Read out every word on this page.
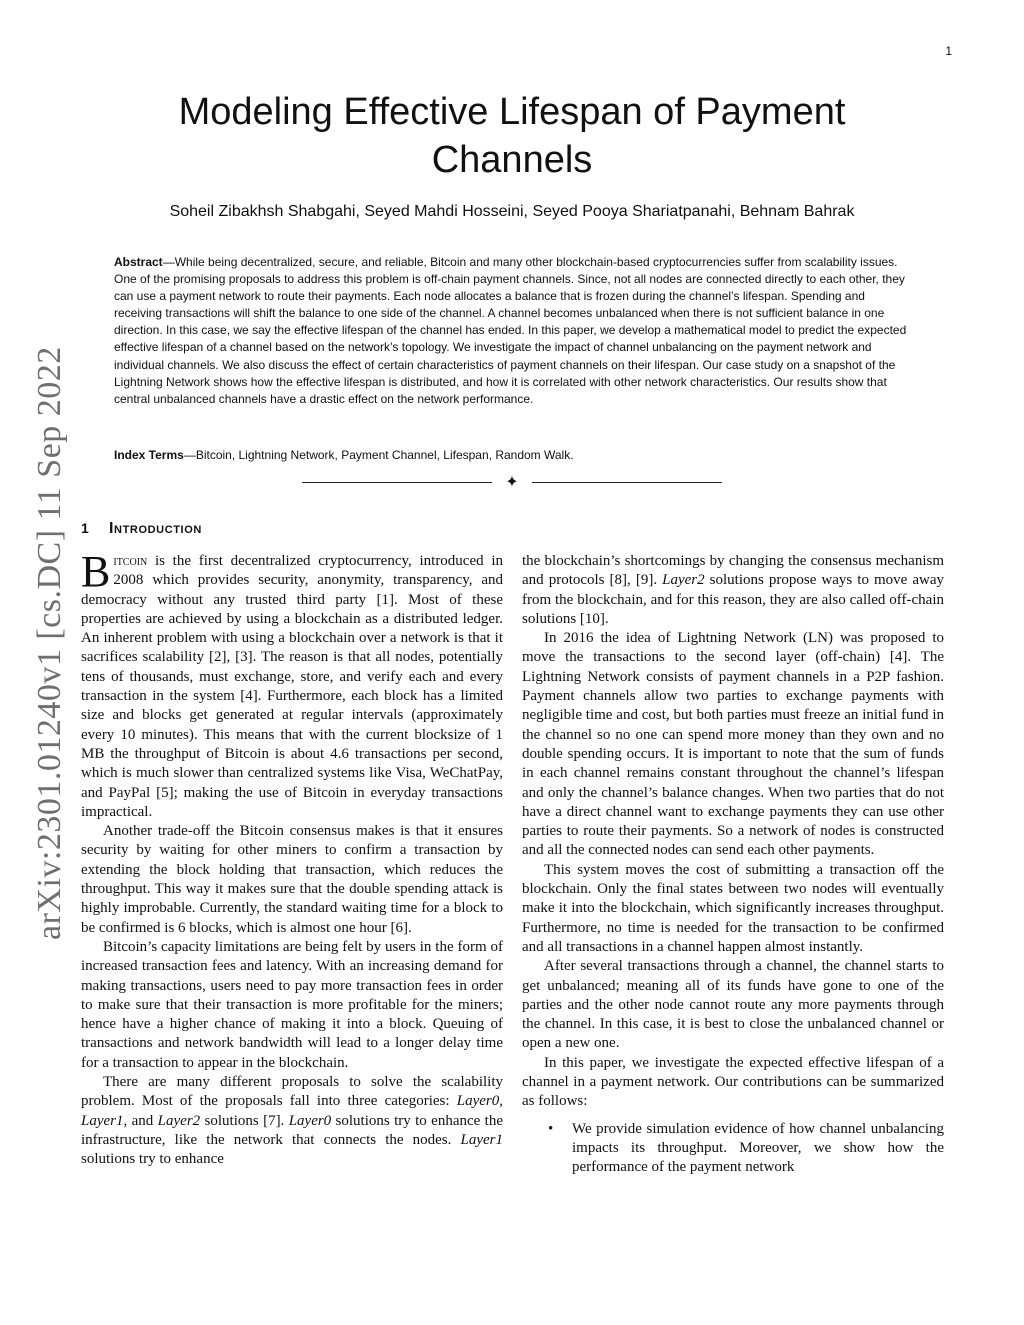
1
Modeling Effective Lifespan of Payment Channels
Soheil Zibakhsh Shabgahi, Seyed Mahdi Hosseini, Seyed Pooya Shariatpanahi, Behnam Bahrak

Abstract—While being decentralized, secure, and reliable, Bitcoin and many other blockchain-based cryptocurrencies suffer from scalability issues. One of the promising proposals to address this problem is off-chain payment channels. Since, not all nodes are connected directly to each other, they can use a payment network to route their payments. Each node allocates a balance that is frozen during the channel’s lifespan. Spending and receiving transactions will shift the balance to one side of the channel. A channel becomes unbalanced when there is not sufficient balance in one direction. In this case, we say the effective lifespan of the channel has ended. In this paper, we develop a mathematical model to predict the expected effective lifespan of a channel based on the network’s topology. We investigate the impact of channel unbalancing on the payment network and individual channels. We also discuss the effect of certain characteristics of payment channels on their lifespan. Our case study on a snapshot of the Lightning Network shows how the effective lifespan is distributed, and how it is correlated with other network characteristics. Our results show that central unbalanced channels have a drastic effect on the network performance.

Index Terms—Bitcoin, Lightning Network, Payment Channel, Lifespan, Random Walk.

✦
arXiv:2301.01240v1 [cs.DC] 11 Sep 2022 1 Introduction

Bitcoin is the first decentralized cryptocurrency, introduced in 2008 which provides security, anonymity, transparency, and democracy without any trusted third party [1]. Most of these properties are achieved by using a blockchain as a distributed ledger. An inherent problem with using a blockchain over a network is that it sacrifices scalability [2], [3]. The reason is that all nodes, potentially tens of thousands, must exchange, store, and verify each and every transaction in the system [4]. Furthermore, each block has a limited size and blocks get generated at regular intervals (approximately every 10 minutes). This means that with the current blocksize of 1 MB the throughput of Bitcoin is about 4.6 transactions per second, which is much slower than centralized systems like Visa, WeChatPay, and PayPal [5]; making the use of Bitcoin in everyday transactions impractical.

Another trade-off the Bitcoin consensus makes is that it ensures security by waiting for other miners to confirm a transaction by extending the block holding that transaction, which reduces the throughput. This way it makes sure that the double spending attack is highly improbable. Currently, the standard waiting time for a block to be confirmed is 6 blocks, which is almost one hour [6].

Bitcoin’s capacity limitations are being felt by users in the form of increased transaction fees and latency. With an increasing demand for making transactions, users need to pay more transaction fees in order to make sure that their transaction is more profitable for the miners; hence have a higher chance of making it into a block. Queuing of transactions and network bandwidth will lead to a longer delay time for a transaction to appear in the blockchain.

There are many different proposals to solve the scalability problem. Most of the proposals fall into three categories: Layer0, Layer1, and Layer2 solutions [7]. Layer0 solutions try to enhance the infrastructure, like the network that connects the nodes. Layer1 solutions try to enhance

the blockchain’s shortcomings by changing the consensus mechanism and protocols [8], [9]. Layer2 solutions propose ways to move away from the blockchain, and for this reason, they are also called off-chain solutions [10].

In 2016 the idea of Lightning Network (LN) was proposed to move the transactions to the second layer (off-chain) [4]. The Lightning Network consists of payment channels in a P2P fashion. Payment channels allow two parties to exchange payments with negligible time and cost, but both parties must freeze an initial fund in the channel so no one can spend more money than they own and no double spending occurs. It is important to note that the sum of funds in each channel remains constant throughout the channel’s lifespan and only the channel’s balance changes. When two parties that do not have a direct channel want to exchange payments they can use other parties to route their payments. So a network of nodes is constructed and all the connected nodes can send each other payments.

This system moves the cost of submitting a transaction off the blockchain. Only the final states between two nodes will eventually make it into the blockchain, which significantly increases throughput. Furthermore, no time is needed for the transaction to be confirmed and all transactions in a channel happen almost instantly.

After several transactions through a channel, the channel starts to get unbalanced; meaning all of its funds have gone to one of the parties and the other node cannot route any more payments through the channel. In this case, it is best to close the unbalanced channel or open a new one.

In this paper, we investigate the expected effective lifespan of a channel in a payment network. Our contributions can be summarized as follows:

• We provide simulation evidence of how channel unbalancing impacts its throughput. Moreover, we show how the performance of the payment network
